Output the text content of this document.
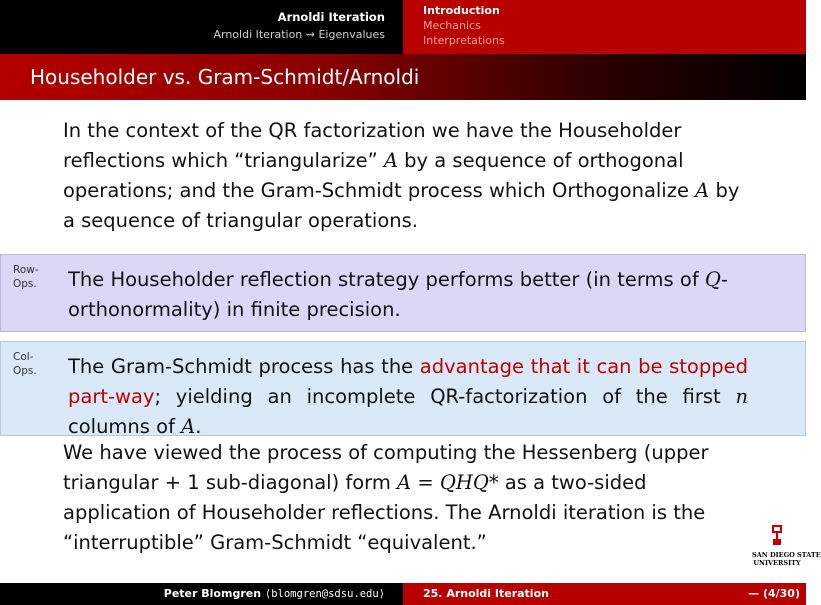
Arnoldi Iteration
Arnoldi Iteration ⇝ Eigenvalues
Introduction
Mechanics
Interpretations
Householder vs. Gram-Schmidt/Arnoldi
In the context of the QR factorization we have the Householder reflections which “triangularize” A by a sequence of orthogonal operations; and the Gram-Schmidt process which Orthogonalize A by a sequence of triangular operations.
Row-
Ops. The Householder reflection strategy performs better (in terms of Q-orthonormality) in finite precision.
Col-
Ops. The Gram-Schmidt process has the advantage that it can be stopped part-way; yielding an incomplete QR-factorization of the first n columns of A.
We have viewed the process of computing the Hessenberg (upper triangular + 1 sub-diagonal) form A = QHQ* as a two-sided application of Householder reflections. The Arnoldi iteration is the “interruptible” Gram-Schmidt “equivalent.”
SAN DIEGO STATE
UNIVERSITY
Peter Blomgren ⟨blomgren@sdsu.edu⟩	25. Arnoldi Iteration	— (4/30)
